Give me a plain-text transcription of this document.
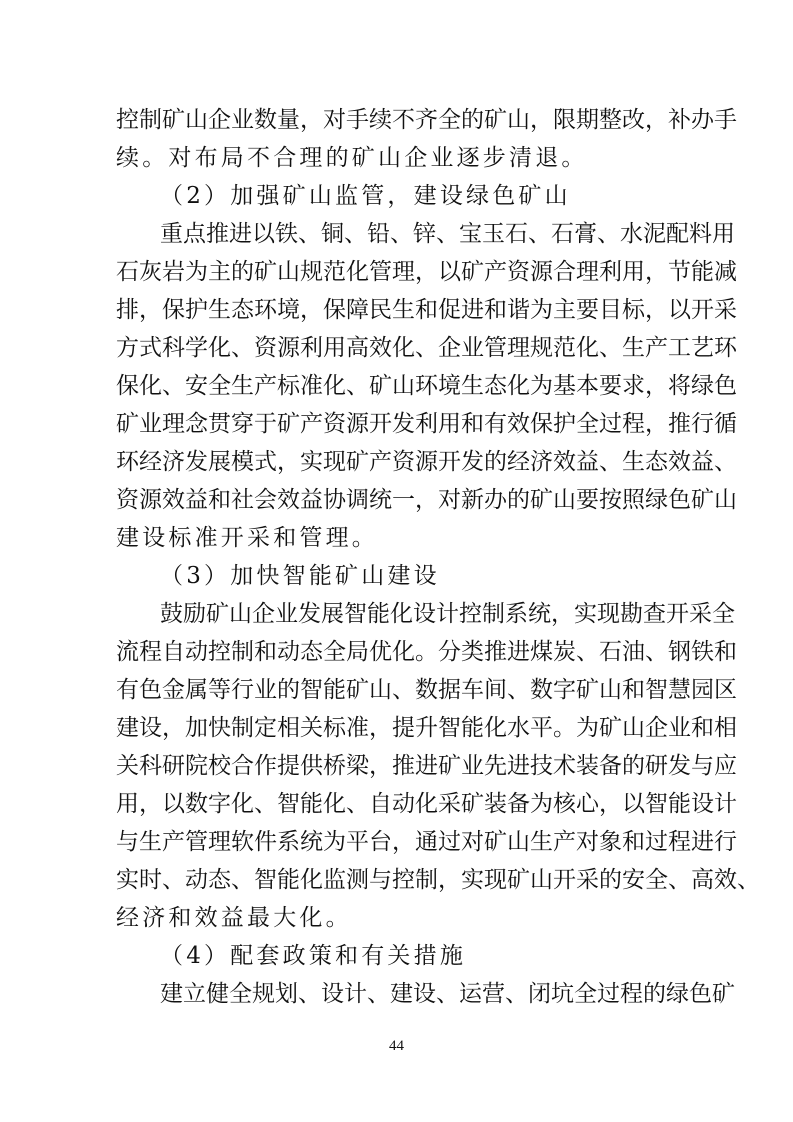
控制矿山企业数量，对手续不齐全的矿山，限期整改，补办手
续。对布局不合理的矿山企业逐步清退。
（2）加强矿山监管，建设绿色矿山
重点推进以铁、铜、铅、锌、宝玉石、石膏、水泥配料用
石灰岩为主的矿山规范化管理，以矿产资源合理利用，节能减
排，保护生态环境，保障民生和促进和谐为主要目标，以开采
方式科学化、资源利用高效化、企业管理规范化、生产工艺环
保化、安全生产标准化、矿山环境生态化为基本要求，将绿色
矿业理念贯穿于矿产资源开发利用和有效保护全过程，推行循
环经济发展模式，实现矿产资源开发的经济效益、生态效益、
资源效益和社会效益协调统一，对新办的矿山要按照绿色矿山
建设标准开采和管理。
（3）加快智能矿山建设
鼓励矿山企业发展智能化设计控制系统，实现勘查开采全
流程自动控制和动态全局优化。分类推进煤炭、石油、钢铁和
有色金属等行业的智能矿山、数据车间、数字矿山和智慧园区
建设，加快制定相关标准，提升智能化水平。为矿山企业和相
关科研院校合作提供桥梁，推进矿业先进技术装备的研发与应
用，以数字化、智能化、自动化采矿装备为核心，以智能设计
与生产管理软件系统为平台，通过对矿山生产对象和过程进行
实时、动态、智能化监测与控制，实现矿山开采的安全、高效、
经济和效益最大化。
（4）配套政策和有关措施
建立健全规划、设计、建设、运营、闭坑全过程的绿色矿
44
